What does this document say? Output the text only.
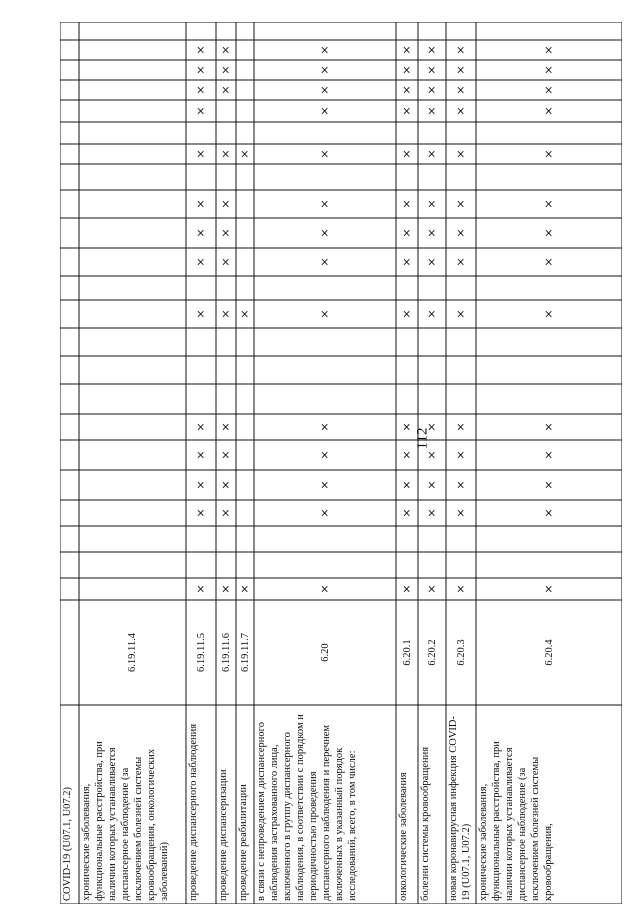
112
COVID-19 (U07.1, U07.2) хронические заболевания, функциональные расстройства, при наличии которых устанавливается диспансерное наблюдение (за исключением болезней системы кровообращения, онкологических заболеваний)
6.19.11.4
проведение диспансерного наблюдения
6.19.11.5
проведение диспансеризации
6.19.11.6
проведение реабилитации
6.19.11.7
в связи с непроведением диспансерного наблюдения застрахованного лица, включенного в группу диспансерного наблюдения, в соответствии с порядком и периодичностью проведения диспансерного наблюдения и перечнем включенных в указанный порядок исследований, всего, в том числе:
6.20
онкологические заболевания
6.20.1
болезни системы кровообращения
6.20.2
новая коронавирусная инфекция COVID-19 (U07.1, U07.2)
6.20.3
хронические заболевания, функциональные расстройства, при наличии которых устанавливается диспансерное наблюдение (за исключением болезней системы кровообращения,
6.20.4
×
×
×
×
×
×
×
×
×
×
×
×
×
×
×
×
×
×
×
×
×
×
×
×
×
×
×
×
×
×
×
×
×
×
×
×
×
×
×
×
×
×
×
×
×
×
×
×
×
×
×
×
×
×
×
×
×
×
×
×
×
×
×
×
×
×
×
×
×
×
×
×
×
×
×
×
×
×
×
×
×
×
×
×
×
×
×
×
×
×
×
×
×
×
×
×
×
×
×
×
